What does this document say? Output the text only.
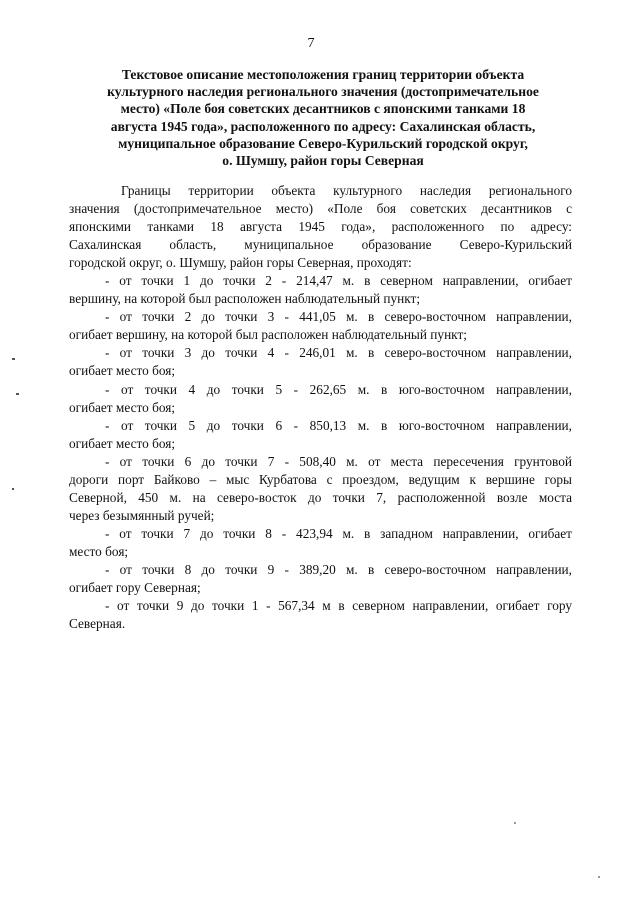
7
Текстовое описание местоположения границ территории объекта
культурного наследия регионального значения (достопримечательное
место) «Поле боя советских десантников с японскими танками 18
августа 1945 года», расположенного по адресу: Сахалинская область,
муниципальное образование Северо-Курильский городской округ,
о. Шумшу, район горы Северная
Границы территории объекта культурного наследия регионального
значения (достопримечательное место) «Поле боя советских десантников с
японскими танками 18 августа 1945 года», расположенного по адресу:
Сахалинская область, муниципальное образование Северо-Курильский
городской округ, о. Шумшу, район горы Северная, проходят:
- от точки 1 до точки 2 - 214,47 м. в северном направлении, огибает
вершину, на которой был расположен наблюдательный пункт;
- от точки 2 до точки 3 - 441,05 м. в северо-восточном направлении,
огибает вершину, на которой был расположен наблюдательный пункт;
- от точки 3 до точки 4 - 246,01 м. в северо-восточном направлении,
огибает место боя;
- от точки 4 до точки 5 - 262,65 м. в юго-восточном направлении,
огибает место боя;
- от точки 5 до точки 6 - 850,13 м. в юго-восточном направлении,
огибает место боя;
- от точки 6 до точки 7 - 508,40 м. от места пересечения грунтовой
дороги порт Байково – мыс Курбатова с проездом, ведущим к вершине горы
Северной, 450 м. на северо-восток до точки 7, расположенной возле моста
через безымянный ручей;
- от точки 7 до точки 8 - 423,94 м. в западном направлении, огибает
место боя;
- от точки 8 до точки 9 - 389,20 м. в северо-восточном направлении,
огибает гору Северная;
- от точки 9 до точки 1 - 567,34 м в северном направлении, огибает гору
Северная.
